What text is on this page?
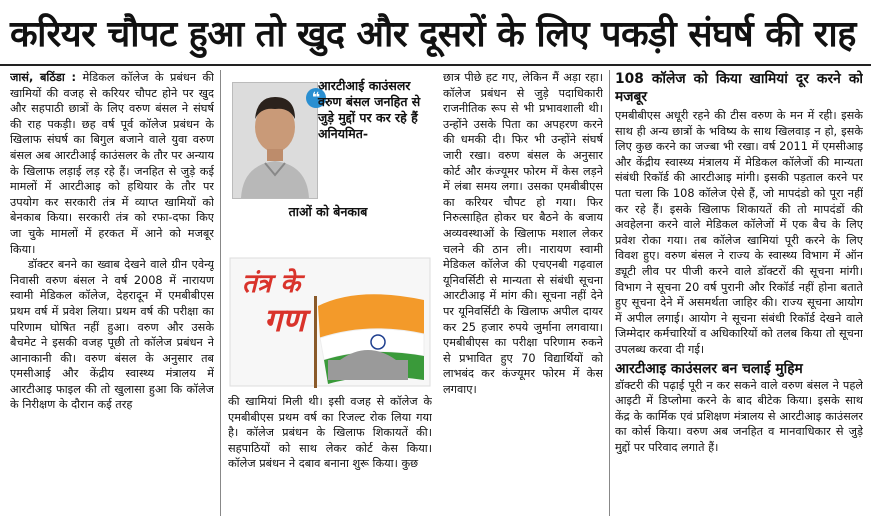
करियर चौपट हुआ तो खुद और दूसरों के लिए पकड़ी संघर्ष की राह

जासं, बठिंडा : मेडिकल कॉलेज के प्रबंधन की खामियों की वजह से करियर चौपट होने पर खुद और सहपाठी छात्रों के लिए वरुण बंसल ने संघर्ष की राह पकड़ी। छह वर्ष पूर्व कॉलेज प्रबंधन के खिलाफ संघर्ष का बिगुल बजाने वाले युवा वरुण बंसल अब आरटीआई काउंसलर के तौर पर अन्याय के खिलाफ लड़ाई लड़ रहे हैं। जनहित से जुड़े कई मामलों में आरटीआइ को हथियार के तौर पर उपयोग कर सरकारी तंत्र में व्याप्त खामियों को बेनकाब किया। सरकारी तंत्र को रफा-दफा किए जा चुके मामलों में हरकत में आने को मजबूर किया।

डॉक्टर बनने का ख्वाब देखने वाले ग्रीन एवेन्यू निवासी वरुण बंसल ने वर्ष 2008 में नारायण स्वामी मेडिकल कॉलेज, देहरादून में एमबीबीएस प्रथम वर्ष में प्रवेश लिया। प्रथम वर्ष की परीक्षा का परिणाम घोषित नहीं हुआ। वरुण और उसके बैचमेट ने इसकी वजह पूछी तो कॉलेज प्रबंधन ने आनाकानी की। वरुण बंसल के अनुसार तब एमसीआई और केंद्रीय स्वास्थ्य मंत्रालय में आरटीआइ फाइल की तो खुलासा हुआ कि कॉलेज के निरीक्षण के दौरान कई तरह

❝
आरटीआई काउंसलर वरुण बंसल जनहित से जुड़े मुद्दों पर कर रहे हैं अनियमित-
ताओं को बेनकाब
तंत्र के
गण

की खामियां मिली थी। इसी वजह से कॉलेज के एमबीबीएस प्रथम वर्ष का रिजल्ट रोक लिया गया है। कॉलेज प्रबंधन के खिलाफ शिकायतें की। सहपाठियों को साथ लेकर कोर्ट केस किया। कॉलेज प्रबंधन ने दबाव बनाना शुरू किया। कुछ

छात्र पीछे हट गए, लेकिन मैं अड़ा रहा। कॉलेज प्रबंधन से जुड़े पदाधिकारी राजनीतिक रूप से भी प्रभावशाली थी। उन्होंने उसके पिता का अपहरण करने की धमकी दी। फिर भी उन्होंने संघर्ष जारी रखा। वरुण बंसल के अनुसार कोर्ट और कंज्यूमर फोरम में केस लड़ने में लंबा समय लगा। उसका एमबीबीएस का करियर चौपट हो गया। फिर निरुत्साहित होकर घर बैठने के बजाय अव्यवस्थाओं के खिलाफ मशाल लेकर चलने की ठान ली। नारायण स्वामी मेडिकल कॉलेज की एचएनबी गढ़वाल यूनिवर्सिटी से मान्यता से संबंधी सूचना आरटीआइ में मांग की। सूचना नहीं देने पर यूनिवर्सिटी के खिलाफ अपील दायर कर 25 हजार रुपये जुर्माना लगवाया। एमबीबीएस का परीक्षा परिणाम रुकने से प्रभावित हुए 70 विद्यार्थियों को लाभबंद कर कंज्यूमर फोरम में केस लगवाए।

108 कॉलेज को किया खामियां दूर करने को मजबूर

एमबीबीएस अधूरी रहने की टीस वरुण के मन में रही। इसके साथ ही अन्य छात्रों के भविष्य के साथ खिलवाड़ न हो, इसके लिए कुछ करने का जज्बा भी रखा। वर्ष 2011 में एमसीआइ और केंद्रीय स्वास्थ्य मंत्रालय में मेडिकल कॉलेजों की मान्यता संबंधी रिकॉर्ड की आरटीआइ मांगी। इसकी पड़ताल करने पर पता चला कि 108 कॉलेज ऐसे हैं, जो मापदंडो को पूरा नहीं कर रहे हैं। इसके खिलाफ शिकायतें की तो मापदंडों की अवहेलना करने वाले मेडिकल कॉलेजों में एक बैच के लिए प्रवेश रोका गया। तब कॉलेज खामियां पूरी करने के लिए विवश हुए। वरुण बंसल ने राज्य के स्वास्थ्य विभाग में ऑन ड्यूटी लीव पर पीजी करने वाले डॉक्टरों की सूचना मांगी। विभाग ने सूचना 20 वर्ष पुरानी और रिकॉर्ड नहीं होना बताते हुए सूचना देने में असमर्थता जाहिर की। राज्य सूचना आयोग में अपील लगाई। आयोग ने सूचना संबंधी रिकॉर्ड देखने वाले जिम्मेदार कर्मचारियों व अधिकारियों को तलब किया तो सूचना उपलब्ध करवा दी गई।

आरटीआइ काउंसलर बन चलाई मुहिम

डॉक्टरी की पढ़ाई पूरी न कर सकने वाले वरुण बंसल ने पहले आइटी में डिप्लोमा करने के बाद बीटेक किया। इसके साथ केंद्र के कार्मिक एवं प्रशिक्षण मंत्रालय से आरटीआइ काउंसलर का कोर्स किया। वरुण अब जनहित व मानवाधिकार से जुड़े मुद्दों पर परिवाद लगाते हैं।
